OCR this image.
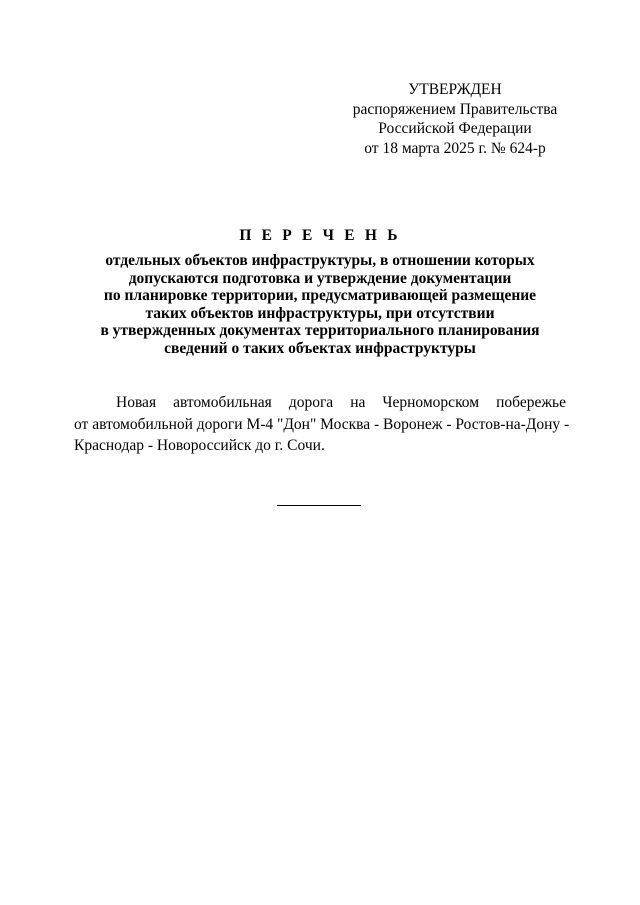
УТВЕРЖДЕН
распоряжением Правительства
Российской Федерации
от 18 марта 2025 г. № 624-р
П Е Р Е Ч Е Н Ь
отдельных объектов инфраструктуры, в отношении которых
допускаются подготовка и утверждение документации
по планировке территории, предусматривающей размещение
таких объектов инфраструктуры, при отсутствии
в утвержденных документах территориального планирования
сведений о таких объектах инфраструктуры
Новая автомобильная дорога на Черноморском побережье
от автомобильной дороги М-4 "Дон" Москва - Воронеж - Ростов-на-Дону -
Краснодар - Новороссийск до г. Сочи.
